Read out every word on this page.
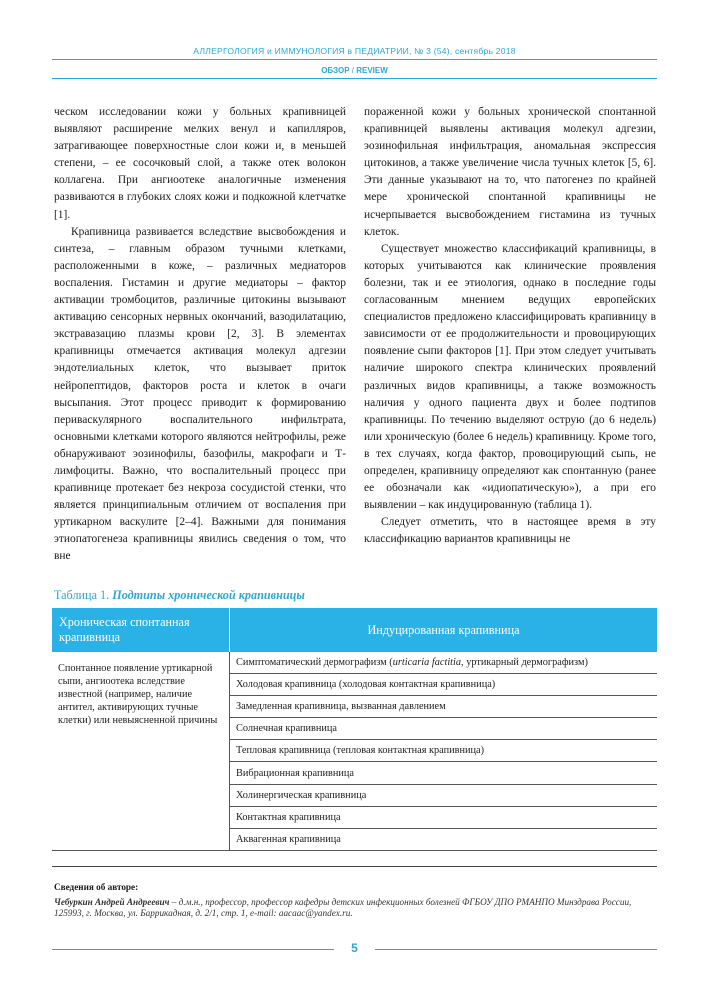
АЛЛЕРГОЛОГИЯ и ИММУНОЛОГИЯ в ПЕДИАТРИИ, № 3 (54), сентябрь 2018
ОБЗОР / REVIEW

ческом исследовании кожи у больных крапивницей выявляют расширение мелких венул и капилляров, затрагивающее поверхностные слои кожи и, в меньшей степени, – ее сосочковый слой, а также отек волокон коллагена. При ангиоотеке аналогичные изменения развиваются в глубоких слоях кожи и подкожной клетчатке [1].

Крапивница развивается вследствие высвобождения и синтеза, – главным образом тучными клетками, расположенными в коже, – различных медиаторов воспаления. Гистамин и другие медиаторы – фактор активации тромбоцитов, различные цитокины вызывают активацию сенсорных нервных окончаний, вазодилатацию, экстравазацию плазмы крови [2, 3]. В элементах крапивницы отмечается активация молекул адгезии эндотелиальных клеток, что вызывает приток нейропептидов, факторов роста и клеток в очаги высыпания. Этот процесс приводит к формированию периваскулярного воспалительного инфильтрата, основными клетками которого являются нейтрофилы, реже обнаруживают эозинофилы, базофилы, макрофаги и Т-лимфоциты. Важно, что воспалительный процесс при крапивнице протекает без некроза сосудистой стенки, что является принципиальным отличием от воспаления при уртикарном васкулите [2–4]. Важными для понимания этиопатогенеза крапивницы явились сведения о том, что вне

пораженной кожи у больных хронической спонтанной крапивницей выявлены активация молекул адгезии, эозинофильная инфильтрация, аномальная экспрессия цитокинов, а также увеличение числа тучных клеток [5, 6]. Эти данные указывают на то, что патогенез по крайней мере хронической спонтанной крапивницы не исчерпывается высвобождением гистамина из тучных клеток.

Существует множество классификаций крапивницы, в которых учитываются как клинические проявления болезни, так и ее этиология, однако в последние годы согласованным мнением ведущих европейских специалистов предложено классифицировать крапивницу в зависимости от ее продолжительности и провоцирующих появление сыпи факторов [1]. При этом следует учитывать наличие широкого спектра клинических проявлений различных видов крапивницы, а также возможность наличия у одного пациента двух и более подтипов крапивницы. По течению выделяют острую (до 6 недель) или хроническую (более 6 недель) крапивницу. Кроме того, в тех случаях, когда фактор, провоцирующий сыпь, не определен, крапивницу определяют как спонтанную (ранее ее обозначали как «идиопатическую»), а при его выявлении – как индуцированную (таблица 1).

Следует отметить, что в настоящее время в эту классификацию вариантов крапивницы не

Таблица 1. Подтипы хронической крапивницы
Хроническая спонтанная крапивница	Индуцированная крапивница
Спонтанное появление уртикарной сыпи, ангиоотека вследствие известной (например, наличие антител, активирующих тучные клетки) или невыясненной причины	Симптоматический дермографизм (urticaria factitia, уртикарный дермографизм)
	Холодовая крапивница (холодовая контактная крапивница)
	Замедленная крапивница, вызванная давлением
	Солнечная крапивница
	Тепловая крапивница (тепловая контактная крапивница)
	Вибрационная крапивница
	Холинергическая крапивница
	Контактная крапивница
	Аквагенная крапивница
Сведения об авторе:
Чебуркин Андрей Андреевич – д.м.н., профессор, профессор кафедры детских инфекционных болезней ФГБОУ ДПО РМАНПО Минздрава России, 125993, г. Москва, ул. Баррикадная, д. 2/1, стр. 1, e-mail: aacaac@yandex.ru.
5
